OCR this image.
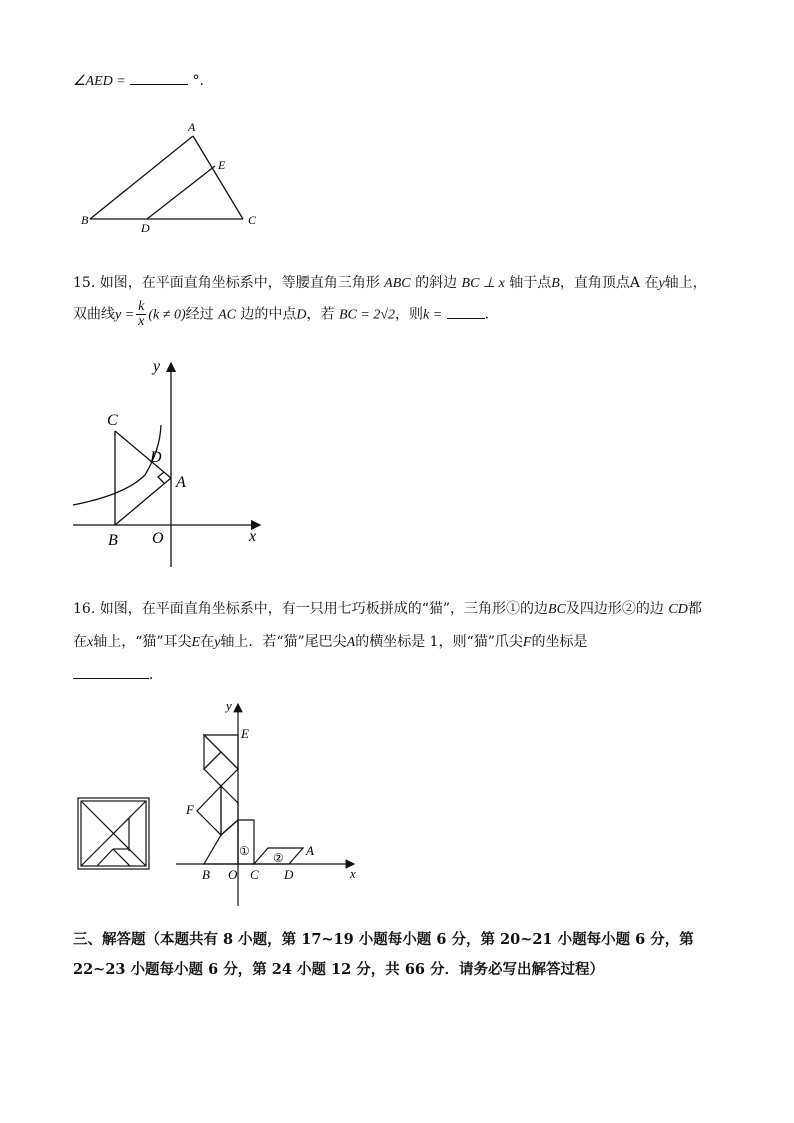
∠AED =	°．
A
E
B	C
D
15. 如图，在平面直角坐标系中，等腰直角三角形 ABC 的斜边 BC ⊥ x 轴于点B，直角顶点A 在y轴上，
双曲线$y = \frac{k}{x} (k \ne 0)$经过 AC 边的中点D，若 BC = 2√2，则k =	．
y
x
C
D
A
B O
16. 如图，在平面直角坐标系中，有一只用七巧板拼成的“猫”，三角形①的边BC及四边形②的边 CD都
在x轴上，“猫”耳尖E在y轴上．若“猫”尾巴尖A的横坐标是 1，则“猫”爪尖F的坐标是
．
y
x
E
F
A
B O C D
① ②
三、解答题（本题共有 8 小题，第 17~19 小题每小题 6 分，第 20~21 小题每小题 6 分，第
22~23 小题每小题 6 分，第 24 小题 12 分，共 66 分．请务必写出解答过程）
